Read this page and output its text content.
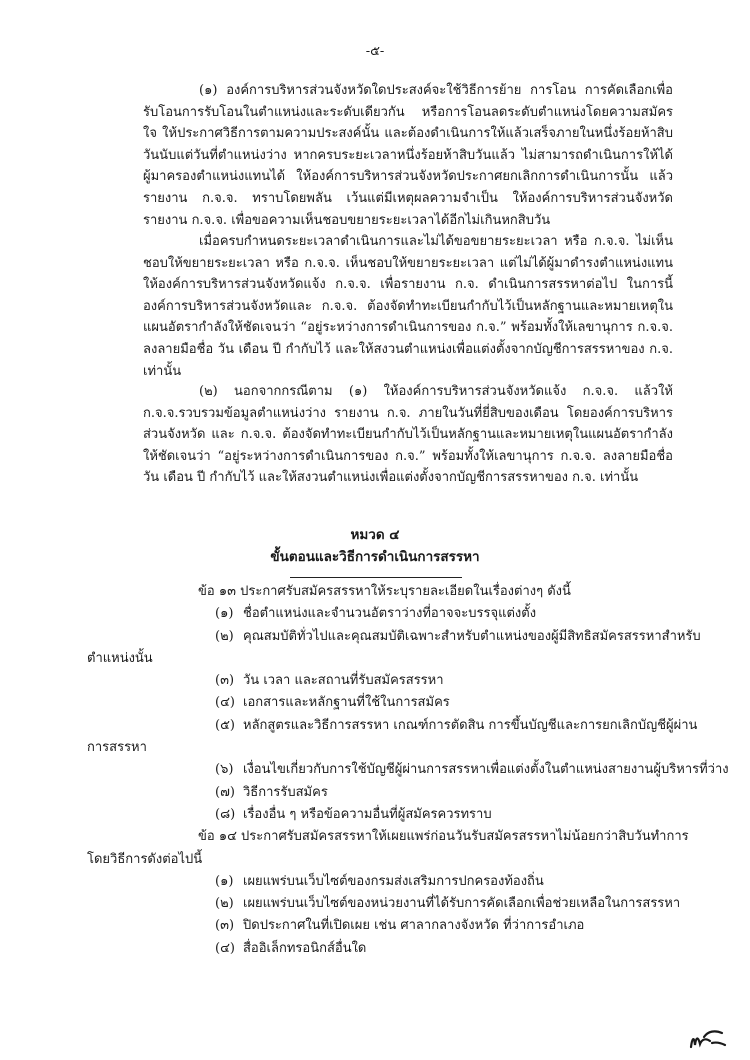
-๕-

(๑) องค์การบริหารส่วนจังหวัดใดประสงค์จะใช้วิธีการย้าย การโอน การคัดเลือกเพื่อรับโอนการรับโอนในตำแหน่งและระดับเดียวกัน หรือการโอนลดระดับตำแหน่งโดยความสมัครใจ ให้ประกาศวิธีการตามความประสงค์นั้น และต้องดำเนินการให้แล้วเสร็จภายในหนึ่งร้อยห้าสิบวันนับแต่วันที่ตำแหน่งว่าง หากครบระยะเวลาหนึ่งร้อยห้าสิบวันแล้ว ไม่สามารถดำเนินการให้ได้ผู้มาครองตำแหน่งแทนได้ ให้องค์การบริหารส่วนจังหวัดประกาศยกเลิกการดำเนินการนั้น แล้วรายงาน ก.จ.จ. ทราบโดยพลัน เว้นแต่มีเหตุผลความจำเป็น ให้องค์การบริหารส่วนจังหวัดรายงาน ก.จ.จ. เพื่อขอความเห็นชอบขยายระยะเวลาได้อีกไม่เกินหกสิบวัน

เมื่อครบกำหนดระยะเวลาดำเนินการและไม่ได้ขอขยายระยะเวลา หรือ ก.จ.จ. ไม่เห็นชอบให้ขยายระยะเวลา หรือ ก.จ.จ. เห็นชอบให้ขยายระยะเวลา แต่ไม่ได้ผู้มาดำรงตำแหน่งแทน ให้องค์การบริหารส่วนจังหวัดแจ้ง ก.จ.จ. เพื่อรายงาน ก.จ. ดำเนินการสรรหาต่อไป ในการนี้องค์การบริหารส่วนจังหวัดและ ก.จ.จ. ต้องจัดทำทะเบียนกำกับไว้เป็นหลักฐานและหมายเหตุในแผนอัตรากำลังให้ชัดเจนว่า “อยู่ระหว่างการดำเนินการของ ก.จ.” พร้อมทั้งให้เลขานุการ ก.จ.จ. ลงลายมือชื่อ วัน เดือน ปี กำกับไว้ และให้สงวนตำแหน่งเพื่อแต่งตั้งจากบัญชีการสรรหาของ ก.จ. เท่านั้น

(๒) นอกจากกรณีตาม (๑) ให้องค์การบริหารส่วนจังหวัดแจ้ง ก.จ.จ. แล้วให้ ก.จ.จ.รวบรวมข้อมูลตำแหน่งว่าง รายงาน ก.จ. ภายในวันที่ยี่สิบของเดือน โดยองค์การบริหารส่วนจังหวัด และ ก.จ.จ. ต้องจัดทำทะเบียนกำกับไว้เป็นหลักฐานและหมายเหตุในแผนอัตรากำลังให้ชัดเจนว่า “อยู่ระหว่างการดำเนินการของ ก.จ.” พร้อมทั้งให้เลขานุการ ก.จ.จ. ลงลายมือชื่อ วัน เดือน ปี กำกับไว้ และให้สงวนตำแหน่งเพื่อแต่งตั้งจากบัญชีการสรรหาของ ก.จ. เท่านั้น

หมวด ๔
ขั้นตอนและวิธีการดำเนินการสรรหา
ข้อ ๑๓ ประกาศรับสมัครสรรหาให้ระบุรายละเอียดในเรื่องต่างๆ ดังนี้
(๑) ชื่อตำแหน่งและจำนวนอัตราว่างที่อาจจะบรรจุแต่งตั้ง
(๒) คุณสมบัติทั่วไปและคุณสมบัติเฉพาะสำหรับตำแหน่งของผู้มีสิทธิสมัครสรรหาสำหรับ
ตำแหน่งนั้น
(๓) วัน เวลา และสถานที่รับสมัครสรรหา
(๔) เอกสารและหลักฐานที่ใช้ในการสมัคร
(๕) หลักสูตรและวิธีการสรรหา เกณฑ์การตัดสิน การขึ้นบัญชีและการยกเลิกบัญชีผู้ผ่าน
การสรรหา
(๖) เงื่อนไขเกี่ยวกับการใช้บัญชีผู้ผ่านการสรรหาเพื่อแต่งตั้งในตำแหน่งสายงานผู้บริหารที่ว่าง
(๗) วิธีการรับสมัคร
(๘) เรื่องอื่น ๆ หรือข้อความอื่นที่ผู้สมัครควรทราบ
ข้อ ๑๔ ประกาศรับสมัครสรรหาให้เผยแพร่ก่อนวันรับสมัครสรรหาไม่น้อยกว่าสิบวันทำการ
โดยวิธีการดังต่อไปนี้
(๑) เผยแพร่บนเว็บไซต์ของกรมส่งเสริมการปกครองท้องถิ่น
(๒) เผยแพร่บนเว็บไซต์ของหน่วยงานที่ได้รับการคัดเลือกเพื่อช่วยเหลือในการสรรหา
(๓) ปิดประกาศในที่เปิดเผย เช่น ศาลากลางจังหวัด ที่ว่าการอำเภอ
(๔) สื่ออิเล็กทรอนิกส์อื่นใด
